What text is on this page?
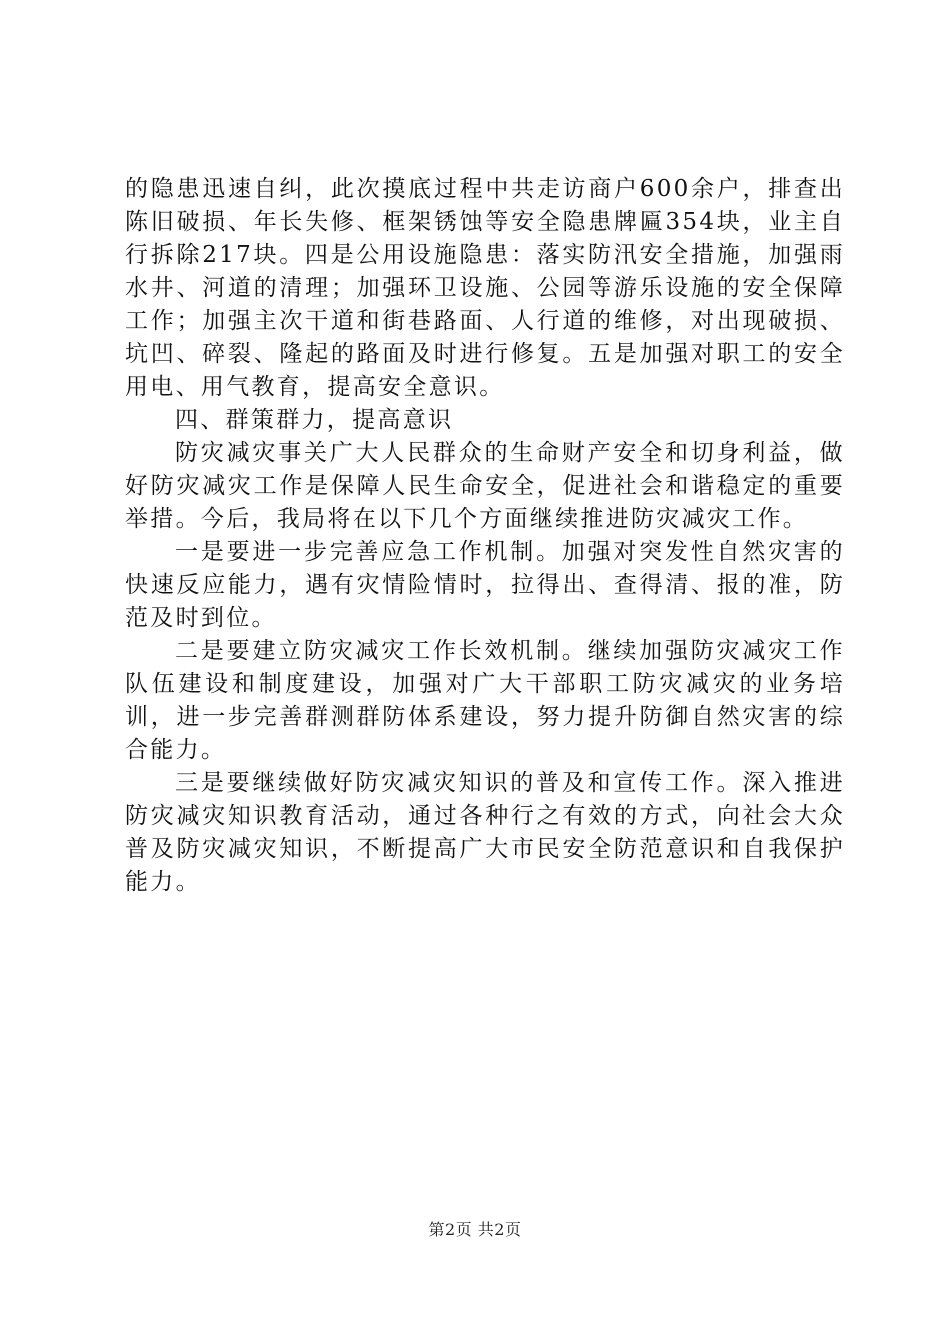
的隐患迅速自纠，此次摸底过程中共走访商户600余户，排查出陈旧破损、年长失修、框架锈蚀等安全隐患牌匾354块，业主自行拆除217块。四是公用设施隐患：落实防汛安全措施，加强雨水井、河道的清理；加强环卫设施、公园等游乐设施的安全保障工作；加强主次干道和街巷路面、人行道的维修，对出现破损、坑凹、碎裂、隆起的路面及时进行修复。五是加强对职工的安全用电、用气教育，提高安全意识。

四、群策群力，提高意识

防灾减灾事关广大人民群众的生命财产安全和切身利益，做好防灾减灾工作是保障人民生命安全，促进社会和谐稳定的重要举措。今后，我局将在以下几个方面继续推进防灾减灾工作。

一是要进一步完善应急工作机制。加强对突发性自然灾害的快速反应能力，遇有灾情险情时，拉得出、查得清、报的准，防范及时到位。

二是要建立防灾减灾工作长效机制。继续加强防灾减灾工作队伍建设和制度建设，加强对广大干部职工防灾减灾的业务培训，进一步完善群测群防体系建设，努力提升防御自然灾害的综合能力。

三是要继续做好防灾减灾知识的普及和宣传工作。深入推进防灾减灾知识教育活动，通过各种行之有效的方式，向社会大众普及防灾减灾知识，不断提高广大市民安全防范意识和自我保护能力。

第2页 共2页
